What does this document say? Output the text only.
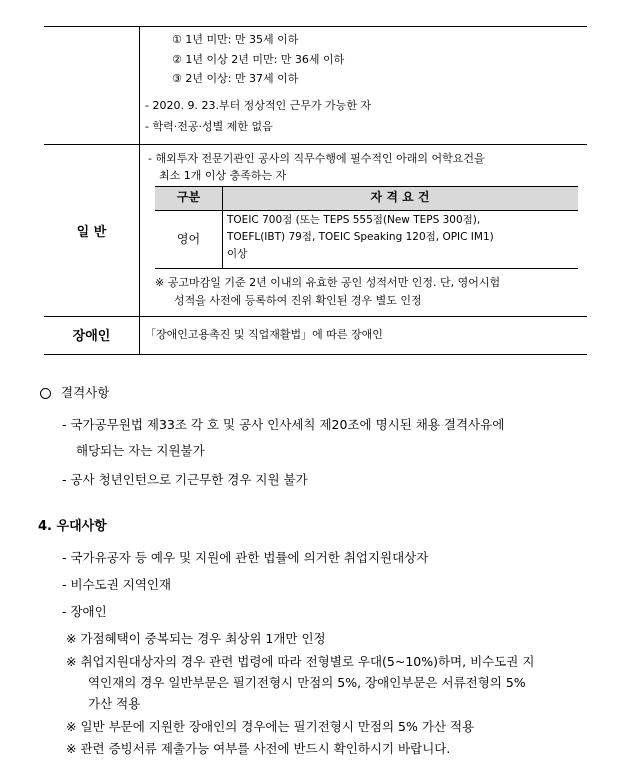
① 1년 미만: 만 35세 이하
② 1년 이상 2년 미만: 만 36세 이하
③ 2년 이상: 만 37세 이하
- 2020. 9. 23.부터 정상적인 근무가 가능한 자
- 학력·전공·성별 제한 없음
일 반
- 해외투자 전문기관인 공사의 직무수행에 필수적인 아래의 어학요건을
최소 1개 이상 충족하는 자
구분	자 격 요 건
영어
TOEIC 700점 (또는 TEPS 555점(New TEPS 300점),
TOEFL(IBT) 79점, TOEIC Speaking 120점, OPIC IM1)
이상
※ 공고마감일 기준 2년 이내의 유효한 공인 성적서만 인정. 단, 영어시험
성적을 사전에 등록하여 진위 확인된 경우 별도 인정
장애인	「장애인고용촉진 및 직업재활법」에 따른 장애인
결격사항
- 국가공무원법 제33조 각 호 및 공사 인사세칙 제20조에 명시된 채용 결격사유에
해당되는 자는 지원불가
- 공사 청년인턴으로 기근무한 경우 지원 불가
4. 우대사항
- 국가유공자 등 예우 및 지원에 관한 법률에 의거한 취업지원대상자
- 비수도권 지역인재
- 장애인
※ 가점혜택이 중복되는 경우 최상위 1개만 인정
※ 취업지원대상자의 경우 관련 법령에 따라 전형별로 우대(5~10%)하며, 비수도권 지
역인재의 경우 일반부문은 필기전형시 만점의 5%, 장애인부문은 서류전형의 5%
가산 적용
※ 일반 부문에 지원한 장애인의 경우에는 필기전형시 만점의 5% 가산 적용
※ 관련 증빙서류 제출가능 여부를 사전에 반드시 확인하시기 바랍니다.
